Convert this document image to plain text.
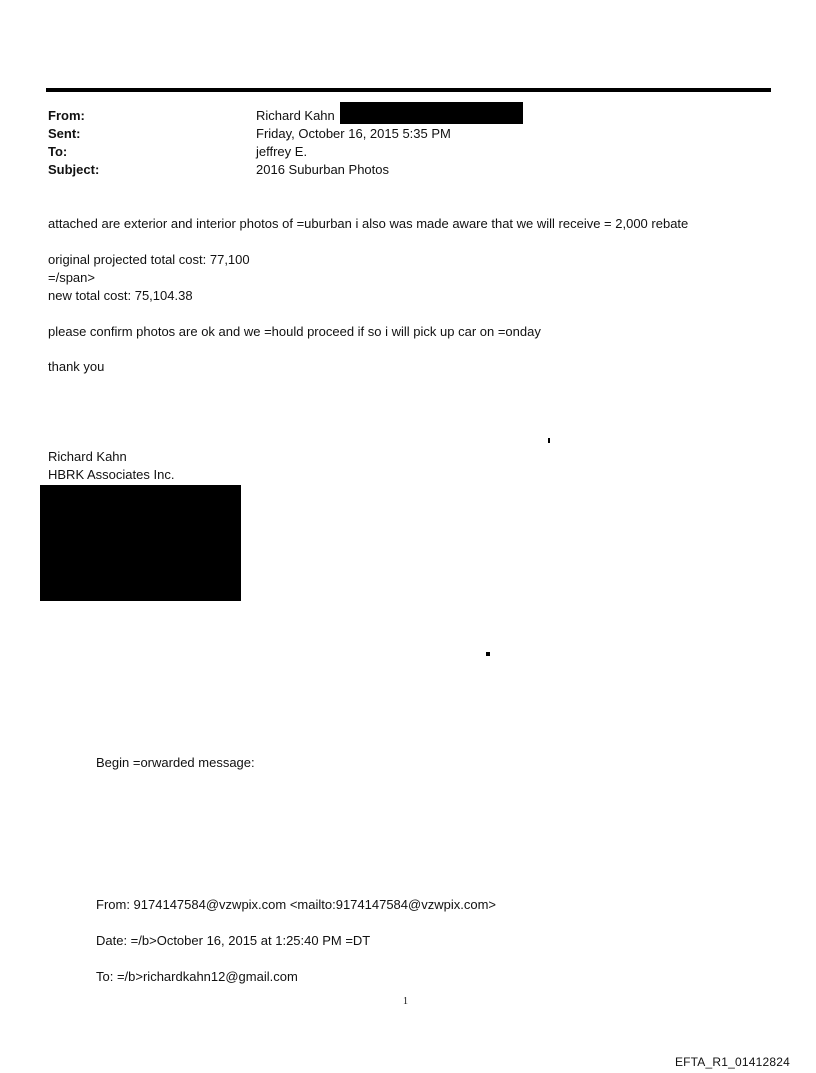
From:	Richard Kahn
Sent:	Friday, October 16, 2015 5:35 PM
To:	jeffrey E.
Subject:	2016 Suburban Photos
attached are exterior and interior photos of =uburban i also was made aware that we will receive = 2,000 rebate
original projected total cost: 77,100
=/span>
new total cost: 75,104.38
please confirm photos are ok and we =hould proceed if so i will pick up car on =onday
thank you
Richard Kahn
HBRK Associates Inc.
Begin =orwarded message:
From: 9174147584@vzwpix.com <mailto:9174147584@vzwpix.com>
Date: =/b>October 16, 2015 at 1:25:40 PM =DT
To: =/b>richardkahn12@gmail.com
1
EFTA_R1_01412824
